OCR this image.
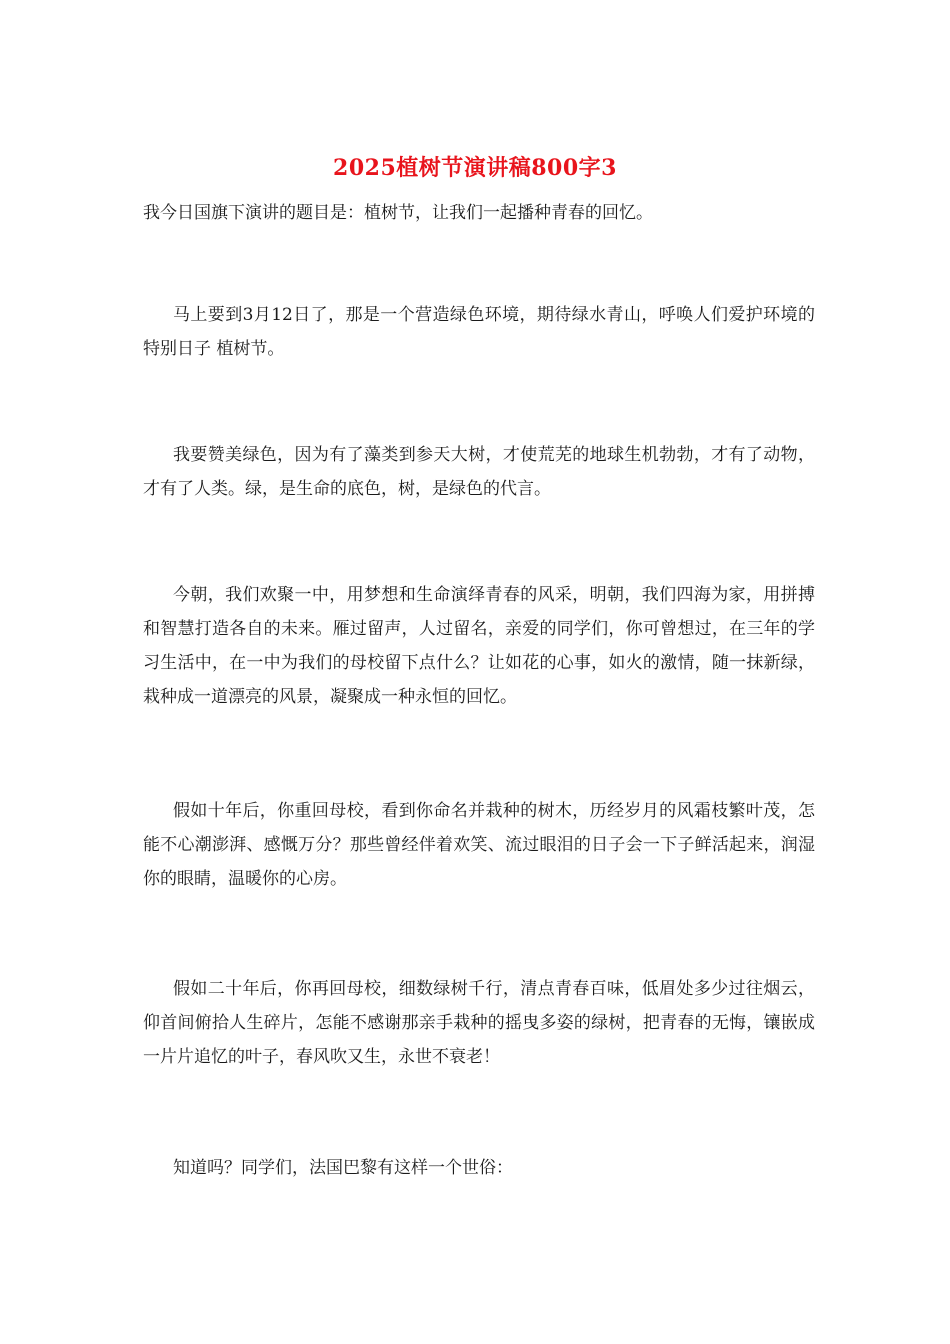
2025植树节演讲稿800字3

我今日国旗下演讲的题目是：植树节，让我们一起播种青春的回忆。

马上要到3月12日了，那是一个营造绿色环境，期待绿水青山，呼唤人们爱护环境的特别日子 植树节。

我要赞美绿色，因为有了藻类到参天大树，才使荒芜的地球生机勃勃，才有了动物，才有了人类。绿，是生命的底色，树，是绿色的代言。

今朝，我们欢聚一中，用梦想和生命演绎青春的风采，明朝，我们四海为家，用拼搏和智慧打造各自的未来。雁过留声，人过留名，亲爱的同学们，你可曾想过，在三年的学习生活中，在一中为我们的母校留下点什么？让如花的心事，如火的激情，随一抹新绿，栽种成一道漂亮的风景，凝聚成一种永恒的回忆。

假如十年后，你重回母校，看到你命名并栽种的树木，历经岁月的风霜枝繁叶茂，怎能不心潮澎湃、感慨万分？那些曾经伴着欢笑、流过眼泪的日子会一下子鲜活起来，润湿你的眼睛，温暖你的心房。

假如二十年后，你再回母校，细数绿树千行，清点青春百味，低眉处多少过往烟云，仰首间俯拾人生碎片，怎能不感谢那亲手栽种的摇曳多姿的绿树，把青春的无悔，镶嵌成一片片追忆的叶子，春风吹又生，永世不衰老！

知道吗？同学们，法国巴黎有这样一个世俗：
